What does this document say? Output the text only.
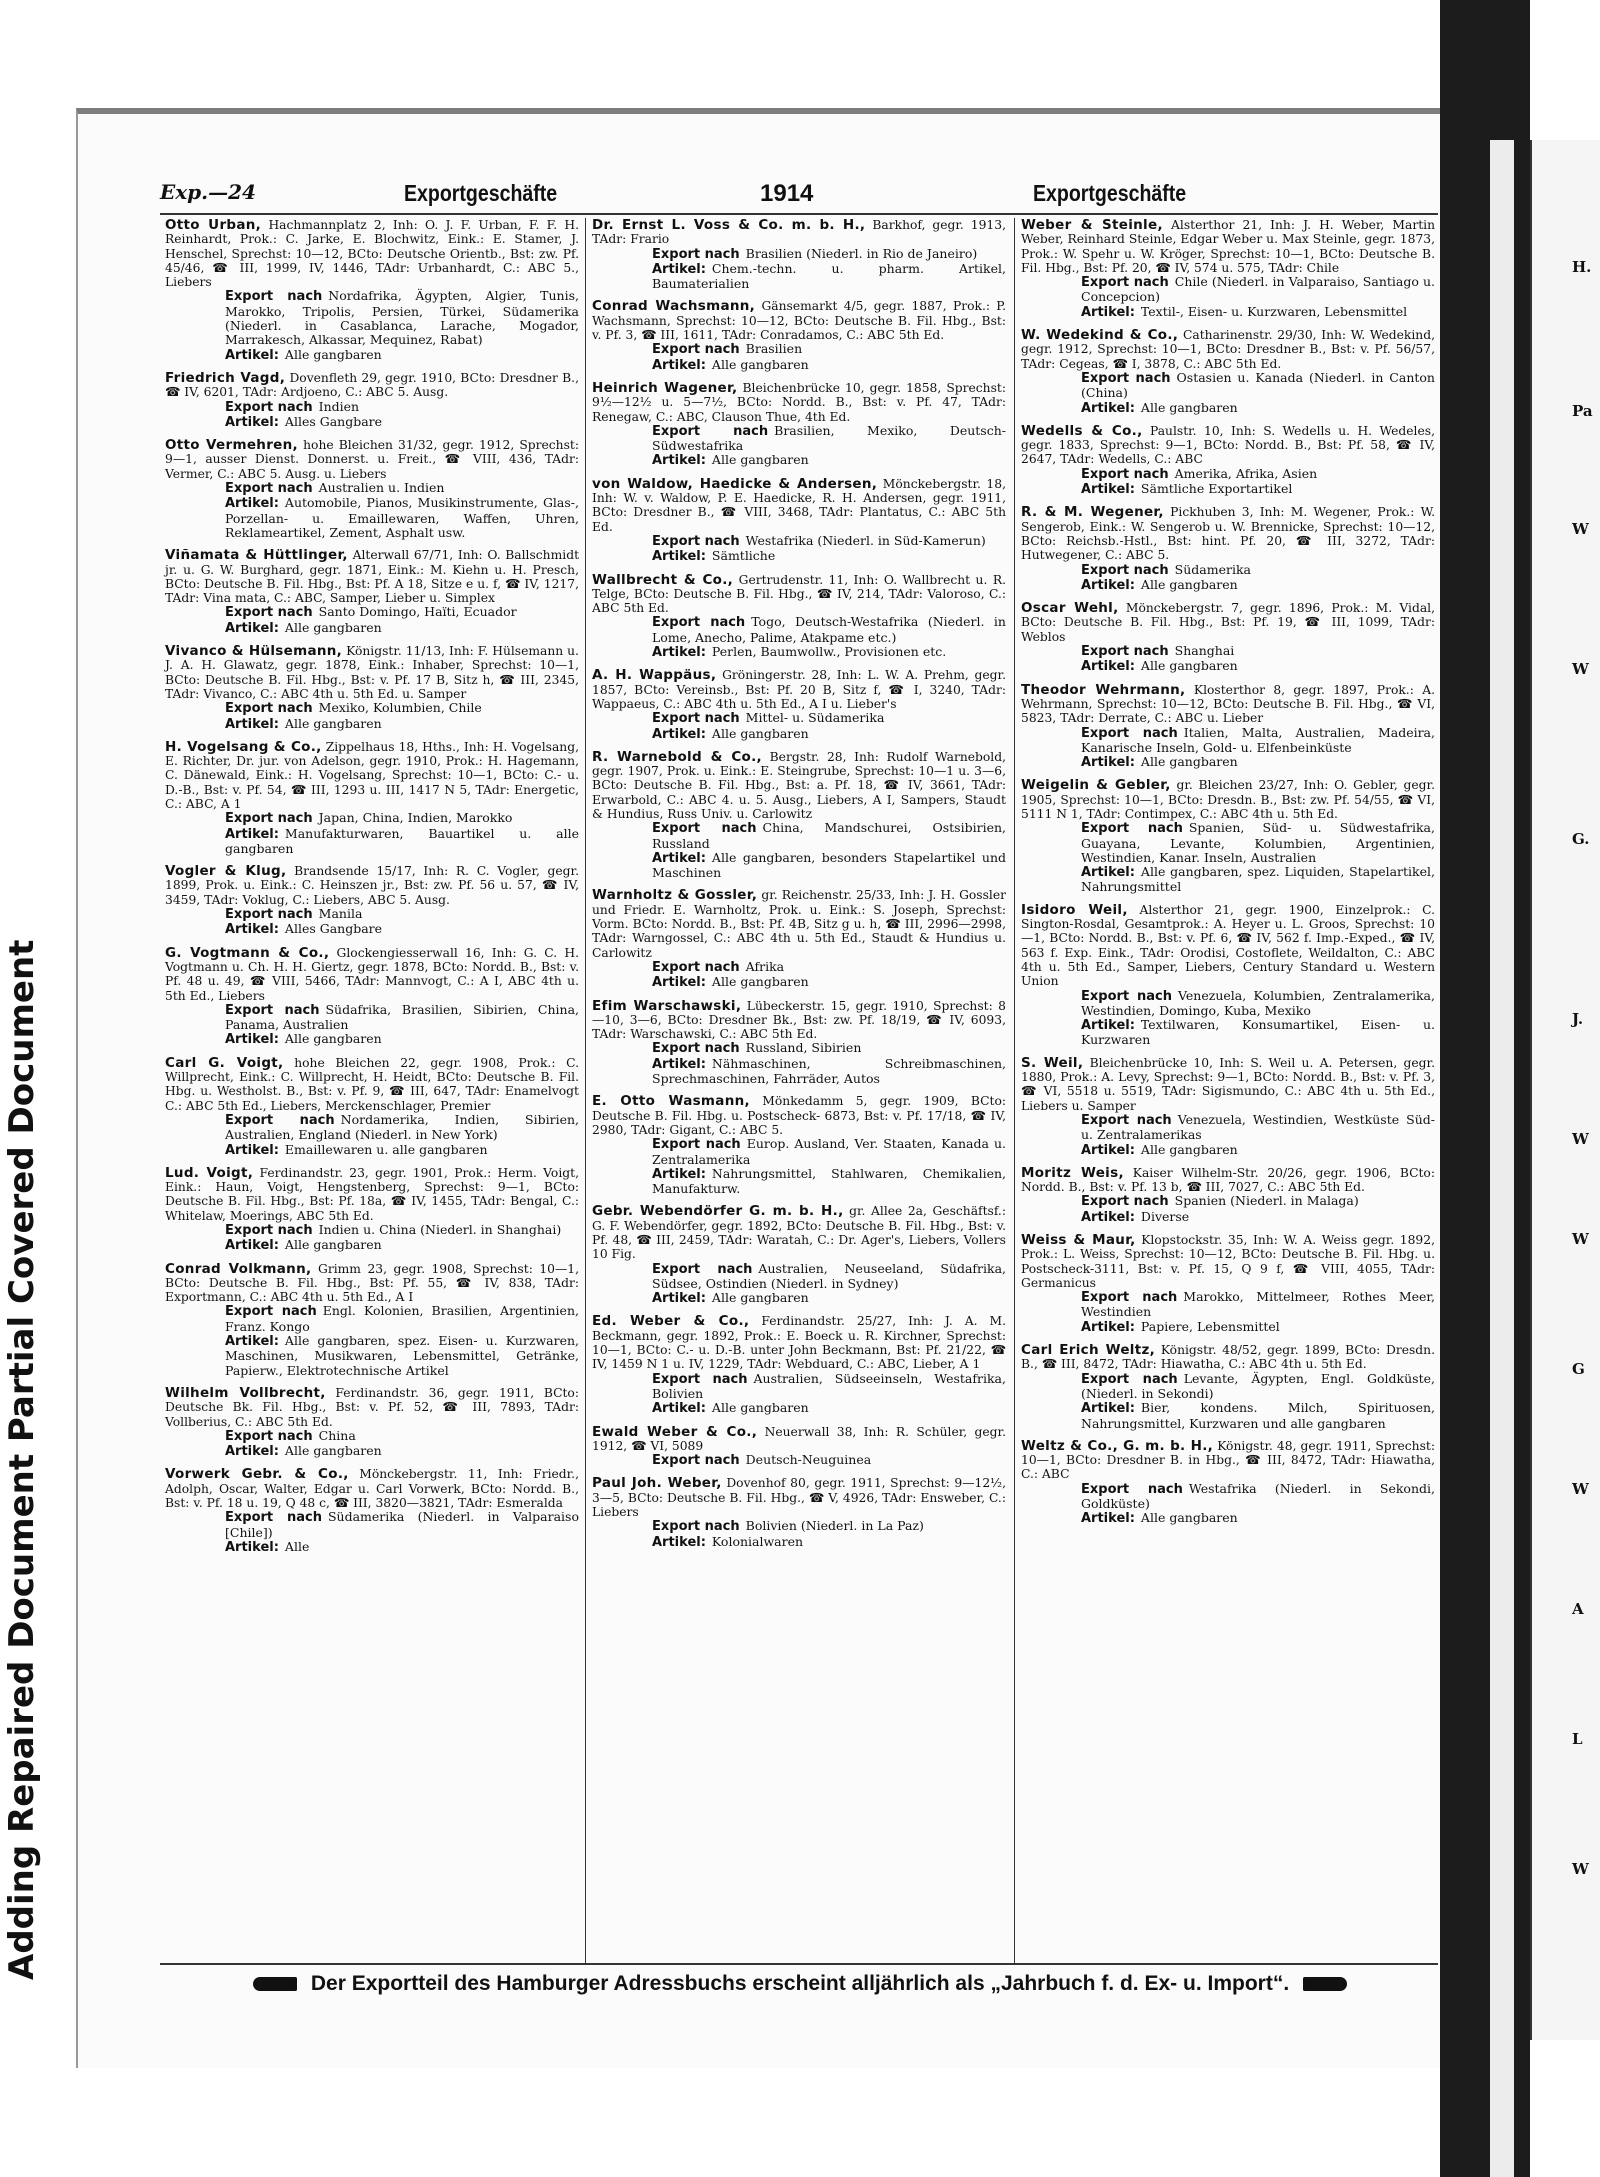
Adding Repaired Document Partial Covered Document
H.
Pa
W
W
G.
J.
W
W
G
W
A
L
W
Exp.—24	Exportgeschäfte	1914	Exportgeschäfte
Otto Urban, Hachmannplatz 2, Inh: O. J. F. Urban, F. F. H. Reinhardt, Prok.: C. Jarke, E. Blochwitz, Eink.: E. Stamer, J. Henschel, Sprechst: 10—12, BCto: Deutsche Orientb., Bst: zw. Pf. 45/46, ☎ III, 1999, IV, 1446, TAdr: Urbanhardt, C.: ABC 5., Liebers
Export nach Nordafrika, Ägypten, Algier, Tunis, Marokko, Tripolis, Persien, Türkei, Südamerika (Niederl. in Casablanca, Larache, Mogador, Marrakesch, Alkassar, Mequinez, Rabat)
Artikel: Alle gangbaren
Friedrich Vagd, Dovenfleth 29, gegr. 1910, BCto: Dresdner B., ☎ IV, 6201, TAdr: Ardjoeno, C.: ABC 5. Ausg.
Export nach Indien
Artikel: Alles Gangbare
Otto Vermehren, hohe Bleichen 31/32, gegr. 1912, Sprechst: 9—1, ausser Dienst. Donnerst. u. Freit., ☎ VIII, 436, TAdr: Vermer, C.: ABC 5. Ausg. u. Liebers
Export nach Australien u. Indien
Artikel: Automobile, Pianos, Musikinstrumente, Glas-, Porzellan- u. Emaillewaren, Waffen, Uhren, Reklameartikel, Zement, Asphalt usw.
Viñamata & Hüttlinger, Alterwall 67/71, Inh: O. Ballschmidt jr. u. G. W. Burghard, gegr. 1871, Eink.: M. Kiehn u. H. Presch, BCto: Deutsche B. Fil. Hbg., Bst: Pf. A 18, Sitze e u. f, ☎ IV, 1217, TAdr: Vina mata, C.: ABC, Samper, Lieber u. Simplex
Export nach Santo Domingo, Haïti, Ecuador
Artikel: Alle gangbaren
Vivanco & Hülsemann, Königstr. 11/13, Inh: F. Hülsemann u. J. A. H. Glawatz, gegr. 1878, Eink.: Inhaber, Sprechst: 10—1, BCto: Deutsche B. Fil. Hbg., Bst: v. Pf. 17 B, Sitz h, ☎ III, 2345, TAdr: Vivanco, C.: ABC 4th u. 5th Ed. u. Samper
Export nach Mexiko, Kolumbien, Chile
Artikel: Alle gangbaren
H. Vogelsang & Co., Zippelhaus 18, Hths., Inh: H. Vogelsang, E. Richter, Dr. jur. von Adelson, gegr. 1910, Prok.: H. Hagemann, C. Dänewald, Eink.: H. Vogelsang, Sprechst: 10—1, BCto: C.- u. D.-B., Bst: v. Pf. 54, ☎ III, 1293 u. III, 1417 N 5, TAdr: Energetic, C.: ABC, A 1
Export nach Japan, China, Indien, Marokko
Artikel: Manufakturwaren, Bauartikel u. alle gangbaren
Vogler & Klug, Brandsende 15/17, Inh: R. C. Vogler, gegr. 1899, Prok. u. Eink.: C. Heinszen jr., Bst: zw. Pf. 56 u. 57, ☎ IV, 3459, TAdr: Voklug, C.: Liebers, ABC 5. Ausg.
Export nach Manila
Artikel: Alles Gangbare
G. Vogtmann & Co., Glockengiesserwall 16, Inh: G. C. H. Vogtmann u. Ch. H. H. Giertz, gegr. 1878, BCto: Nordd. B., Bst: v. Pf. 48 u. 49, ☎ VIII, 5466, TAdr: Mannvogt, C.: A I, ABC 4th u. 5th Ed., Liebers
Export nach Südafrika, Brasilien, Sibirien, China, Panama, Australien
Artikel: Alle gangbaren
Carl G. Voigt, hohe Bleichen 22, gegr. 1908, Prok.: C. Willprecht, Eink.: C. Willprecht, H. Heidt, BCto: Deutsche B. Fil. Hbg. u. Westholst. B., Bst: v. Pf. 9, ☎ III, 647, TAdr: Enamelvogt C.: ABC 5th Ed., Liebers, Merckenschlager, Premier
Export nach Nordamerika, Indien, Sibirien, Australien, England (Niederl. in New York)
Artikel: Emaillewaren u. alle gangbaren
Lud. Voigt, Ferdinandstr. 23, gegr. 1901, Prok.: Herm. Voigt, Eink.: Haun, Voigt, Hengstenberg, Sprechst: 9—1, BCto: Deutsche B. Fil. Hbg., Bst: Pf. 18a, ☎ IV, 1455, TAdr: Bengal, C.: Whitelaw, Moerings, ABC 5th Ed.
Export nach Indien u. China (Niederl. in Shanghai)
Artikel: Alle gangbaren
Conrad Volkmann, Grimm 23, gegr. 1908, Sprechst: 10—1, BCto: Deutsche B. Fil. Hbg., Bst: Pf. 55, ☎ IV, 838, TAdr: Exportmann, C.: ABC 4th u. 5th Ed., A I
Export nach Engl. Kolonien, Brasilien, Argentinien, Franz. Kongo
Artikel: Alle gangbaren, spez. Eisen- u. Kurzwaren, Maschinen, Musikwaren, Lebensmittel, Getränke, Papierw., Elektrotechnische Artikel
Wilhelm Vollbrecht, Ferdinandstr. 36, gegr. 1911, BCto: Deutsche Bk. Fil. Hbg., Bst: v. Pf. 52, ☎ III, 7893, TAdr: Vollberius, C.: ABC 5th Ed.
Export nach China
Artikel: Alle gangbaren
Vorwerk Gebr. & Co., Mönckebergstr. 11, Inh: Friedr., Adolph, Oscar, Walter, Edgar u. Carl Vorwerk, BCto: Nordd. B., Bst: v. Pf. 18 u. 19, Q 48 c, ☎ III, 3820—3821, TAdr: Esmeralda
Export nach Südamerika (Niederl. in Valparaiso [Chile])
Artikel: Alle
Dr. Ernst L. Voss & Co. m. b. H., Barkhof, gegr. 1913, TAdr: Frario
Export nach Brasilien (Niederl. in Rio de Janeiro)
Artikel: Chem.-techn. u. pharm. Artikel, Baumaterialien
Conrad Wachsmann, Gänsemarkt 4/5, gegr. 1887, Prok.: P. Wachsmann, Sprechst: 10—12, BCto: Deutsche B. Fil. Hbg., Bst: v. Pf. 3, ☎ III, 1611, TAdr: Conradamos, C.: ABC 5th Ed.
Export nach Brasilien
Artikel: Alle gangbaren
Heinrich Wagener, Bleichenbrücke 10, gegr. 1858, Sprechst: 9½—12½ u. 5—7½, BCto: Nordd. B., Bst: v. Pf. 47, TAdr: Renegaw, C.: ABC, Clauson Thue, 4th Ed.
Export nach Brasilien, Mexiko, Deutsch-Südwestafrika
Artikel: Alle gangbaren
von Waldow, Haedicke & Andersen, Mönckebergstr. 18, Inh: W. v. Waldow, P. E. Haedicke, R. H. Andersen, gegr. 1911, BCto: Dresdner B., ☎ VIII, 3468, TAdr: Plantatus, C.: ABC 5th Ed.
Export nach Westafrika (Niederl. in Süd-Kamerun)
Artikel: Sämtliche
Wallbrecht & Co., Gertrudenstr. 11, Inh: O. Wallbrecht u. R. Telge, BCto: Deutsche B. Fil. Hbg., ☎ IV, 214, TAdr: Valoroso, C.: ABC 5th Ed.
Export nach Togo, Deutsch-Westafrika (Niederl. in Lome, Anecho, Palime, Atakpame etc.)
Artikel: Perlen, Baumwollw., Provisionen etc.
A. H. Wappäus, Gröningerstr. 28, Inh: L. W. A. Prehm, gegr. 1857, BCto: Vereinsb., Bst: Pf. 20 B, Sitz f, ☎ I, 3240, TAdr: Wappaeus, C.: ABC 4th u. 5th Ed., A I u. Lieber's
Export nach Mittel- u. Südamerika
Artikel: Alle gangbaren
R. Warnebold & Co., Bergstr. 28, Inh: Rudolf Warnebold, gegr. 1907, Prok. u. Eink.: E. Steingrube, Sprechst: 10—1 u. 3—6, BCto: Deutsche B. Fil. Hbg., Bst: a. Pf. 18, ☎ IV, 3661, TAdr: Erwarbold, C.: ABC 4. u. 5. Ausg., Liebers, A I, Sampers, Staudt & Hundius, Russ Univ. u. Carlowitz
Export nach China, Mandschurei, Ostsibirien, Russland
Artikel: Alle gangbaren, besonders Stapelartikel und Maschinen
Warnholtz & Gossler, gr. Reichenstr. 25/33, Inh: J. H. Gossler und Friedr. E. Warnholtz, Prok. u. Eink.: S. Joseph, Sprechst: Vorm. BCto: Nordd. B., Bst: Pf. 4B, Sitz g u. h, ☎ III, 2996—2998, TAdr: Warngossel, C.: ABC 4th u. 5th Ed., Staudt & Hundius u. Carlowitz
Export nach Afrika
Artikel: Alle gangbaren
Efim Warschawski, Lübeckerstr. 15, gegr. 1910, Sprechst: 8—10, 3—6, BCto: Dresdner Bk., Bst: zw. Pf. 18/19, ☎ IV, 6093, TAdr: Warschawski, C.: ABC 5th Ed.
Export nach Russland, Sibirien
Artikel: Nähmaschinen, Schreibmaschinen, Sprechmaschinen, Fahrräder, Autos
E. Otto Wasmann, Mönkedamm 5, gegr. 1909, BCto: Deutsche B. Fil. Hbg. u. Postscheck- 6873, Bst: v. Pf. 17/18, ☎ IV, 2980, TAdr: Gigant, C.: ABC 5.
Export nach Europ. Ausland, Ver. Staaten, Kanada u. Zentralamerika
Artikel: Nahrungsmittel, Stahlwaren, Chemikalien, Manufakturw.
Gebr. Webendörfer G. m. b. H., gr. Allee 2a, Geschäftsf.: G. F. Webendörfer, gegr. 1892, BCto: Deutsche B. Fil. Hbg., Bst: v. Pf. 48, ☎ III, 2459, TAdr: Waratah, C.: Dr. Ager's, Liebers, Vollers 10 Fig.
Export nach Australien, Neuseeland, Südafrika, Südsee, Ostindien (Niederl. in Sydney)
Artikel: Alle gangbaren
Ed. Weber & Co., Ferdinandstr. 25/27, Inh: J. A. M. Beckmann, gegr. 1892, Prok.: E. Boeck u. R. Kirchner, Sprechst: 10—1, BCto: C.- u. D.-B. unter John Beckmann, Bst: Pf. 21/22, ☎ IV, 1459 N 1 u. IV, 1229, TAdr: Webduard, C.: ABC, Lieber, A 1
Export nach Australien, Südseeinseln, Westafrika, Bolivien
Artikel: Alle gangbaren
Ewald Weber & Co., Neuerwall 38, Inh: R. Schüler, gegr. 1912, ☎ VI, 5089
Export nach Deutsch-Neuguinea
Paul Joh. Weber, Dovenhof 80, gegr. 1911, Sprechst: 9—12½, 3—5, BCto: Deutsche B. Fil. Hbg., ☎ V, 4926, TAdr: Ensweber, C.: Liebers
Export nach Bolivien (Niederl. in La Paz)
Artikel: Kolonialwaren
Weber & Steinle, Alsterthor 21, Inh: J. H. Weber, Martin Weber, Reinhard Steinle, Edgar Weber u. Max Steinle, gegr. 1873, Prok.: W. Spehr u. W. Kröger, Sprechst: 10—1, BCto: Deutsche B. Fil. Hbg., Bst: Pf. 20, ☎ IV, 574 u. 575, TAdr: Chile
Export nach Chile (Niederl. in Valparaiso, Santiago u. Concepcion)
Artikel: Textil-, Eisen- u. Kurzwaren, Lebensmittel
W. Wedekind & Co., Catharinenstr. 29/30, Inh: W. Wedekind, gegr. 1912, Sprechst: 10—1, BCto: Dresdner B., Bst: v. Pf. 56/57, TAdr: Cegeas, ☎ I, 3878, C.: ABC 5th Ed.
Export nach Ostasien u. Kanada (Niederl. in Canton (China)
Artikel: Alle gangbaren
Wedells & Co., Paulstr. 10, Inh: S. Wedells u. H. Wedeles, gegr. 1833, Sprechst: 9—1, BCto: Nordd. B., Bst: Pf. 58, ☎ IV, 2647, TAdr: Wedells, C.: ABC
Export nach Amerika, Afrika, Asien
Artikel: Sämtliche Exportartikel
R. & M. Wegener, Pickhuben 3, Inh: M. Wegener, Prok.: W. Sengerob, Eink.: W. Sengerob u. W. Brennicke, Sprechst: 10—12, BCto: Reichsb.-Hstl., Bst: hint. Pf. 20, ☎ III, 3272, TAdr: Hutwegener, C.: ABC 5.
Export nach Südamerika
Artikel: Alle gangbaren
Oscar Wehl, Mönckebergstr. 7, gegr. 1896, Prok.: M. Vidal, BCto: Deutsche B. Fil. Hbg., Bst: Pf. 19, ☎ III, 1099, TAdr: Weblos
Export nach Shanghai
Artikel: Alle gangbaren
Theodor Wehrmann, Klosterthor 8, gegr. 1897, Prok.: A. Wehrmann, Sprechst: 10—12, BCto: Deutsche B. Fil. Hbg., ☎ VI, 5823, TAdr: Derrate, C.: ABC u. Lieber
Export nach Italien, Malta, Australien, Madeira, Kanarische Inseln, Gold- u. Elfenbeinküste
Artikel: Alle gangbaren
Weigelin & Gebler, gr. Bleichen 23/27, Inh: O. Gebler, gegr. 1905, Sprechst: 10—1, BCto: Dresdn. B., Bst: zw. Pf. 54/55, ☎ VI, 5111 N 1, TAdr: Contimpex, C.: ABC 4th u. 5th Ed.
Export nach Spanien, Süd- u. Südwestafrika, Guayana, Levante, Kolumbien, Argentinien, Westindien, Kanar. Inseln, Australien
Artikel: Alle gangbaren, spez. Liquiden, Stapelartikel, Nahrungsmittel
Isidoro Weil, Alsterthor 21, gegr. 1900, Einzelprok.: C. Sington-Rosdal, Gesamtprok.: A. Heyer u. L. Groos, Sprechst: 10—1, BCto: Nordd. B., Bst: v. Pf. 6, ☎ IV, 562 f. Imp.-Exped., ☎ IV, 563 f. Exp. Eink., TAdr: Orodisi, Costoflete, Weildalton, C.: ABC 4th u. 5th Ed., Samper, Liebers, Century Standard u. Western Union
Export nach Venezuela, Kolumbien, Zentralamerika, Westindien, Domingo, Kuba, Mexiko
Artikel: Textilwaren, Konsumartikel, Eisen- u. Kurzwaren
S. Weil, Bleichenbrücke 10, Inh: S. Weil u. A. Petersen, gegr. 1880, Prok.: A. Levy, Sprechst: 9—1, BCto: Nordd. B., Bst: v. Pf. 3, ☎ VI, 5518 u. 5519, TAdr: Sigismundo, C.: ABC 4th u. 5th Ed., Liebers u. Samper
Export nach Venezuela, Westindien, Westküste Süd- u. Zentralamerikas
Artikel: Alle gangbaren
Moritz Weis, Kaiser Wilhelm-Str. 20/26, gegr. 1906, BCto: Nordd. B., Bst: v. Pf. 13 b, ☎ III, 7027, C.: ABC 5th Ed.
Export nach Spanien (Niederl. in Malaga)
Artikel: Diverse
Weiss & Maur, Klopstockstr. 35, Inh: W. A. Weiss gegr. 1892, Prok.: L. Weiss, Sprechst: 10—12, BCto: Deutsche B. Fil. Hbg. u. Postscheck-3111, Bst: v. Pf. 15, Q 9 f, ☎ VIII, 4055, TAdr: Germanicus
Export nach Marokko, Mittelmeer, Rothes Meer, Westindien
Artikel: Papiere, Lebensmittel
Carl Erich Weltz, Königstr. 48/52, gegr. 1899, BCto: Dresdn. B., ☎ III, 8472, TAdr: Hiawatha, C.: ABC 4th u. 5th Ed.
Export nach Levante, Ägypten, Engl. Goldküste, (Niederl. in Sekondi)
Artikel: Bier, kondens. Milch, Spirituosen, Nahrungsmittel, Kurzwaren und alle gangbaren
Weltz & Co., G. m. b. H., Königstr. 48, gegr. 1911, Sprechst: 10—1, BCto: Dresdner B. in Hbg., ☎ III, 8472, TAdr: Hiawatha, C.: ABC
Export nach Westafrika (Niederl. in Sekondi, Goldküste)
Artikel: Alle gangbaren
Der Exportteil des Hamburger Adressbuchs erscheint alljährlich als „Jahrbuch f. d. Ex- u. Import“.
